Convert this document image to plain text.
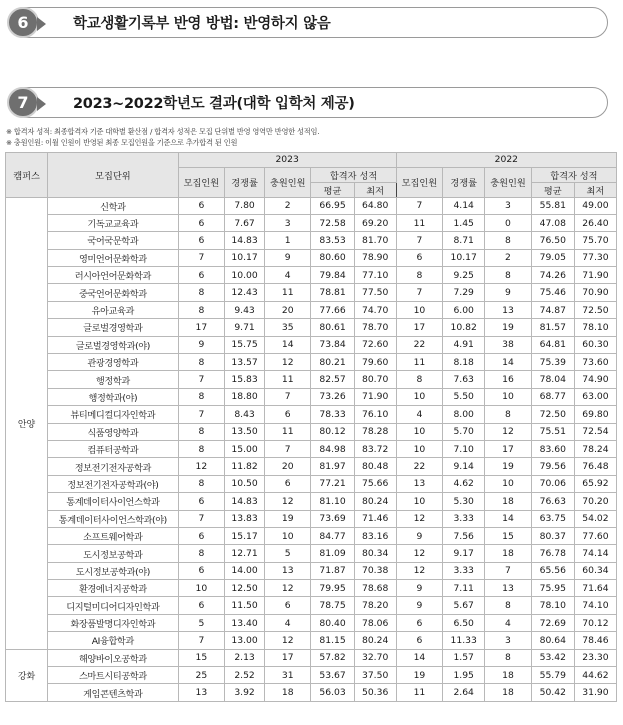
6	학교생활기록부 반영 방법: 반영하지 않음
7	2023~2022학년도 결과(대학 입학처 제공)
※ 합격자 성적: 최종합격자 기준 대학별 환산점 / 합격자 성적은 모집 단위별 반영 영역만 반영한 성적임.
※ 충원인원: 이월 인원이 반영된 최종 모집인원을 기준으로 추가합격 된 인원
캠퍼스	모집단위	2023					2022				
		모집인원	경쟁률	충원인원	합격자 성적		모집인원	경쟁률	충원인원	합격자 성적	
					평균	최저				평균	최저
안양	신학과	6	7.80	2	66.95	64.80	7	4.14	3	55.81	49.00
	기독교교육과	6	7.67	3	72.58	69.20	11	1.45	0	47.08	26.40
	국어국문학과	6	14.83	1	83.53	81.70	7	8.71	8	76.50	75.70
	영미언어문화학과	7	10.17	9	80.60	78.90	6	10.17	2	79.05	77.30
	러시아언어문화학과	6	10.00	4	79.84	77.10	8	9.25	8	74.26	71.90
	중국언어문화학과	8	12.43	11	78.81	77.50	7	7.29	9	75.46	70.90
	유아교육과	8	9.43	20	77.66	74.70	10	6.00	13	74.87	72.50
	글로벌경영학과	17	9.71	35	80.61	78.70	17	10.82	19	81.57	78.10
	글로벌경영학과(야)	9	15.75	14	73.84	72.60	22	4.91	38	64.81	60.30
	관광경영학과	8	13.57	12	80.21	79.60	11	8.18	14	75.39	73.60
	행정학과	7	15.83	11	82.57	80.70	8	7.63	16	78.04	74.90
	행정학과(야)	8	18.80	7	73.26	71.90	10	5.50	10	68.77	63.00
	뷰티메디컬디자인학과	7	8.43	6	78.33	76.10	4	8.00	8	72.50	69.80
	식품영양학과	8	13.50	11	80.12	78.28	10	5.70	12	75.51	72.54
	컴퓨터공학과	8	15.00	7	84.98	83.72	10	7.10	17	83.60	78.24
	정보전기전자공학과	12	11.82	20	81.97	80.48	22	9.14	19	79.56	76.48
	정보전기전자공학과(야)	8	10.50	6	77.21	75.66	13	4.62	10	70.06	65.92
	통계데이터사이언스학과	6	14.83	12	81.10	80.24	10	5.30	18	76.63	70.20
	통계데이터사이언스학과(야)	7	13.83	19	73.69	71.46	12	3.33	14	63.75	54.02
	소프트웨어학과	6	15.17	10	84.77	83.16	9	7.56	15	80.37	77.60
	도시정보공학과	8	12.71	5	81.09	80.34	12	9.17	18	76.78	74.14
	도시정보공학과(야)	6	14.00	13	71.87	70.38	12	3.33	7	65.56	60.34
	환경에너지공학과	10	12.50	12	79.95	78.68	9	7.11	13	75.95	71.64
	디지털미디어디자인학과	6	11.50	6	78.75	78.20	9	5.67	8	78.10	74.10
	화장품발명디자인학과	5	13.40	4	80.40	78.06	6	6.50	4	72.69	70.12
	AI융합학과	7	13.00	12	81.15	80.24	6	11.33	3	80.64	78.46
강화	해양바이오공학과	15	2.13	17	57.82	32.70	14	1.57	8	53.42	23.30
	스마트시티공학과	25	2.52	31	53.67	37.50	19	1.95	18	55.79	44.62
	게임콘텐츠학과	13	3.92	18	56.03	50.36	11	2.64	18	50.42	31.90
